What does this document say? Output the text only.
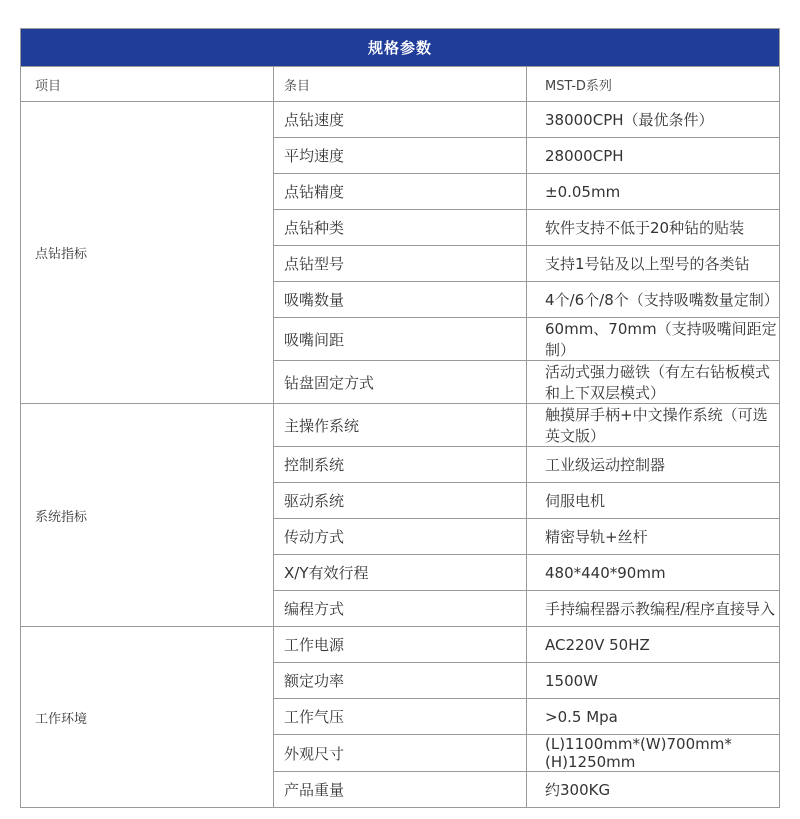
规格参数		
项目	条目	MST-D系列
点钻指标	点钻速度	38000CPH（最优条件）
	平均速度	28000CPH
	点钻精度	±0.05mm
	点钻种类	软件支持不低于20种钻的贴装
	点钻型号	支持1号钻及以上型号的各类钻
	吸嘴数量	4个/6个/8个（支持吸嘴数量定制）
	吸嘴间距	60mm、70mm（支持吸嘴间距定制）
	钻盘固定方式	活动式强力磁铁（有左右钻板模式和上下双层模式）
系统指标	主操作系统	触摸屏手柄+中文操作系统（可选英文版）
	控制系统	工业级运动控制器
	驱动系统	伺服电机
	传动方式	精密导轨+丝杆
	X/Y有效行程	480*440*90mm
	编程方式	手持编程器示教编程/程序直接导入
工作环境	工作电源	AC220V 50HZ
	额定功率	1500W
	工作气压	>0.5 Mpa
	外观尺寸	(L)1100mm*(W)700mm*(H)1250mm
	产品重量	约300KG
